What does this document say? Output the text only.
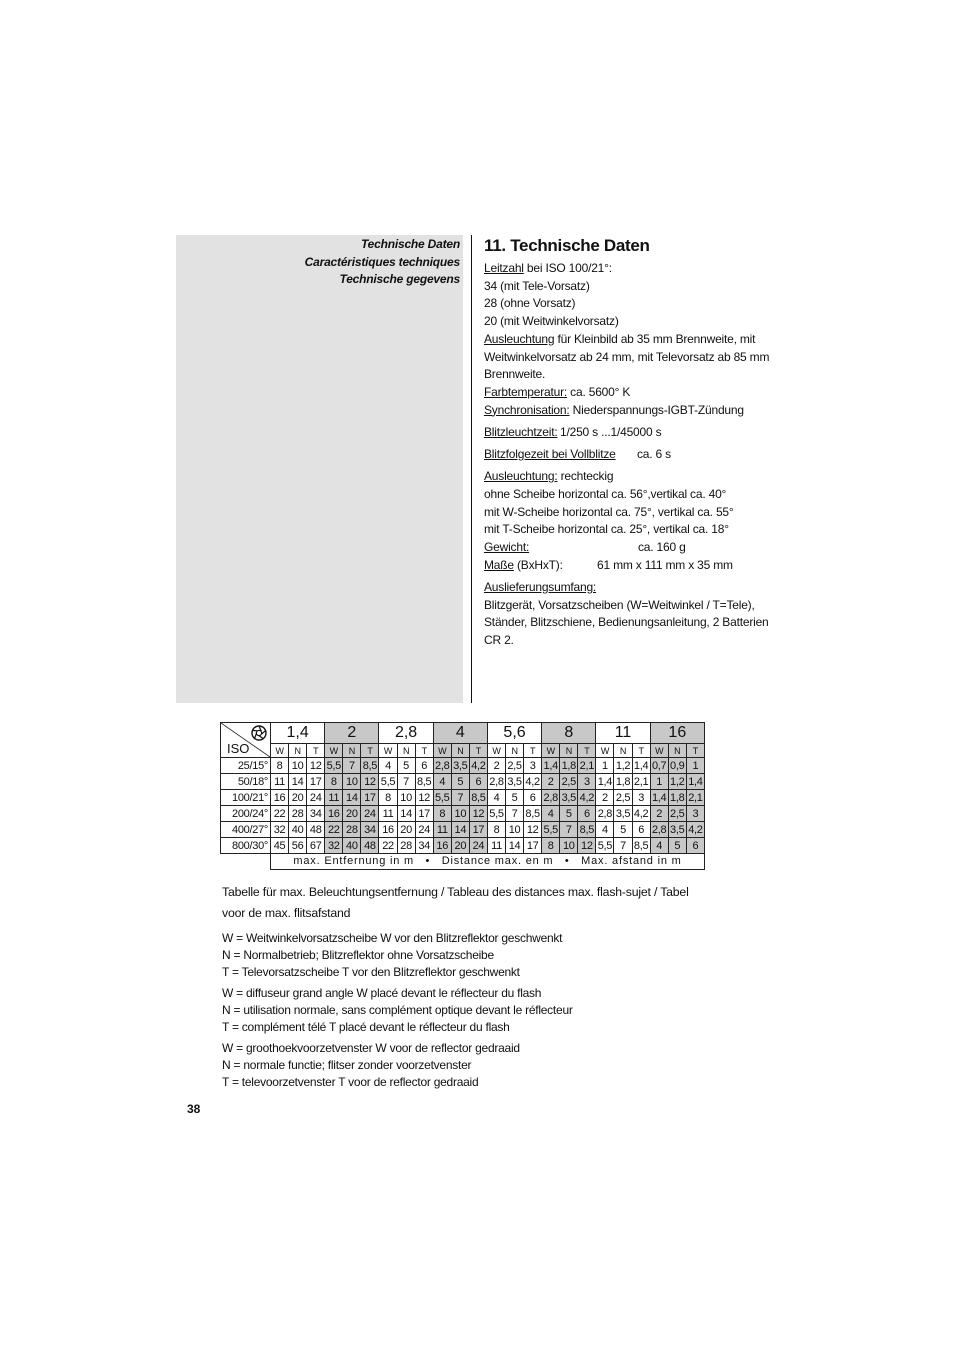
Technische Daten
Caractéristiques techniques
Technische gegevens
11. Technische Daten
Leitzahl bei ISO 100/21°:
34 (mit Tele-Vorsatz)
28 (ohne Vorsatz)
20 (mit Weitwinkelvorsatz)
Ausleuchtung für Kleinbild ab 35 mm Brennweite, mit Weitwinkelvorsatz ab 24 mm, mit Televorsatz ab 85 mm Brennweite.
Farbtemperatur: ca. 5600° K
Synchronisation: Niederspannungs-IGBT-Zündung
Blitzleuchtzeit: 1/250 s ...1/45000 s
Blitzfolgezeit bei Vollblitze ca. 6 s
Ausleuchtung: rechteckig
ohne Scheibe horizontal ca. 56°,vertikal ca. 40°
mit W-Scheibe horizontal ca. 75°, vertikal ca. 55°
mit T-Scheibe horizontal ca. 25°, vertikal ca. 18°
Gewicht:	ca. 160 g
Maße (BxHxT):	61 mm x 111 mm x 35 mm
Auslieferungsumfang:
Blitzgerät, Vorsatzscheiben (W=Weitwinkel / T=Tele), Ständer, Blitzschiene, Bedienungsanleitung, 2 Batterien CR 2.
ISO	1,4			2			2,8			4			5,6			8			11			16		
	W	N	T	W	N	T	W	N	T	W	N	T	W	N	T	W	N	T	W	N	T	W	N	T
25/15°	8	10	12	5,5	7	8,5	4	5	6	2,8	3,5	4,2	2	2,5	3	1,4	1,8	2,1	1	1,2	1,4	0,7	0,9	1
50/18°	11	14	17	8	10	12	5,5	7	8,5	4	5	6	2,8	3,5	4,2	2	2,5	3	1,4	1,8	2,1	1	1,2	1,4
100/21°	16	20	24	11	14	17	8	10	12	5,5	7	8,5	4	5	6	2,8	3,5	4,2	2	2,5	3	1,4	1,8	2,1
200/24°	22	28	34	16	20	24	11	14	17	8	10	12	5,5	7	8,5	4	5	6	2,8	3,5	4,2	2	2,5	3
400/27°	32	40	48	22	28	34	16	20	24	11	14	17	8	10	12	5,5	7	8,5	4	5	6	2,8	3,5	4,2
800/30°	45	56	67	32	40	48	22	28	34	16	20	24	11	14	17	8	10	12	5,5	7	8,5	4	5	6
	max. Entfernung in m   •   Distance max. en m   •   Max. afstand in m																							
Tabelle für max. Beleuchtungsentfernung / Tableau des distances max. flash-sujet / Tabel voor de max. flitsafstand
W = Weitwinkelvorsatzscheibe W vor den Blitzreflektor geschwenkt
N = Normalbetrieb; Blitzreflektor ohne Vorsatzscheibe
T = Televorsatzscheibe T vor den Blitzreflektor geschwenkt
W = diffuseur grand angle W placé devant le réflecteur du flash
N = utilisation normale, sans complément optique devant le réflecteur
T = complément télé T placé devant le réflecteur du flash
W = groothoekvoorzetvenster W voor de reflector gedraaid
N = normale functie; flitser zonder voorzetvenster
T = televoorzetvenster T voor de reflector gedraaid
38
